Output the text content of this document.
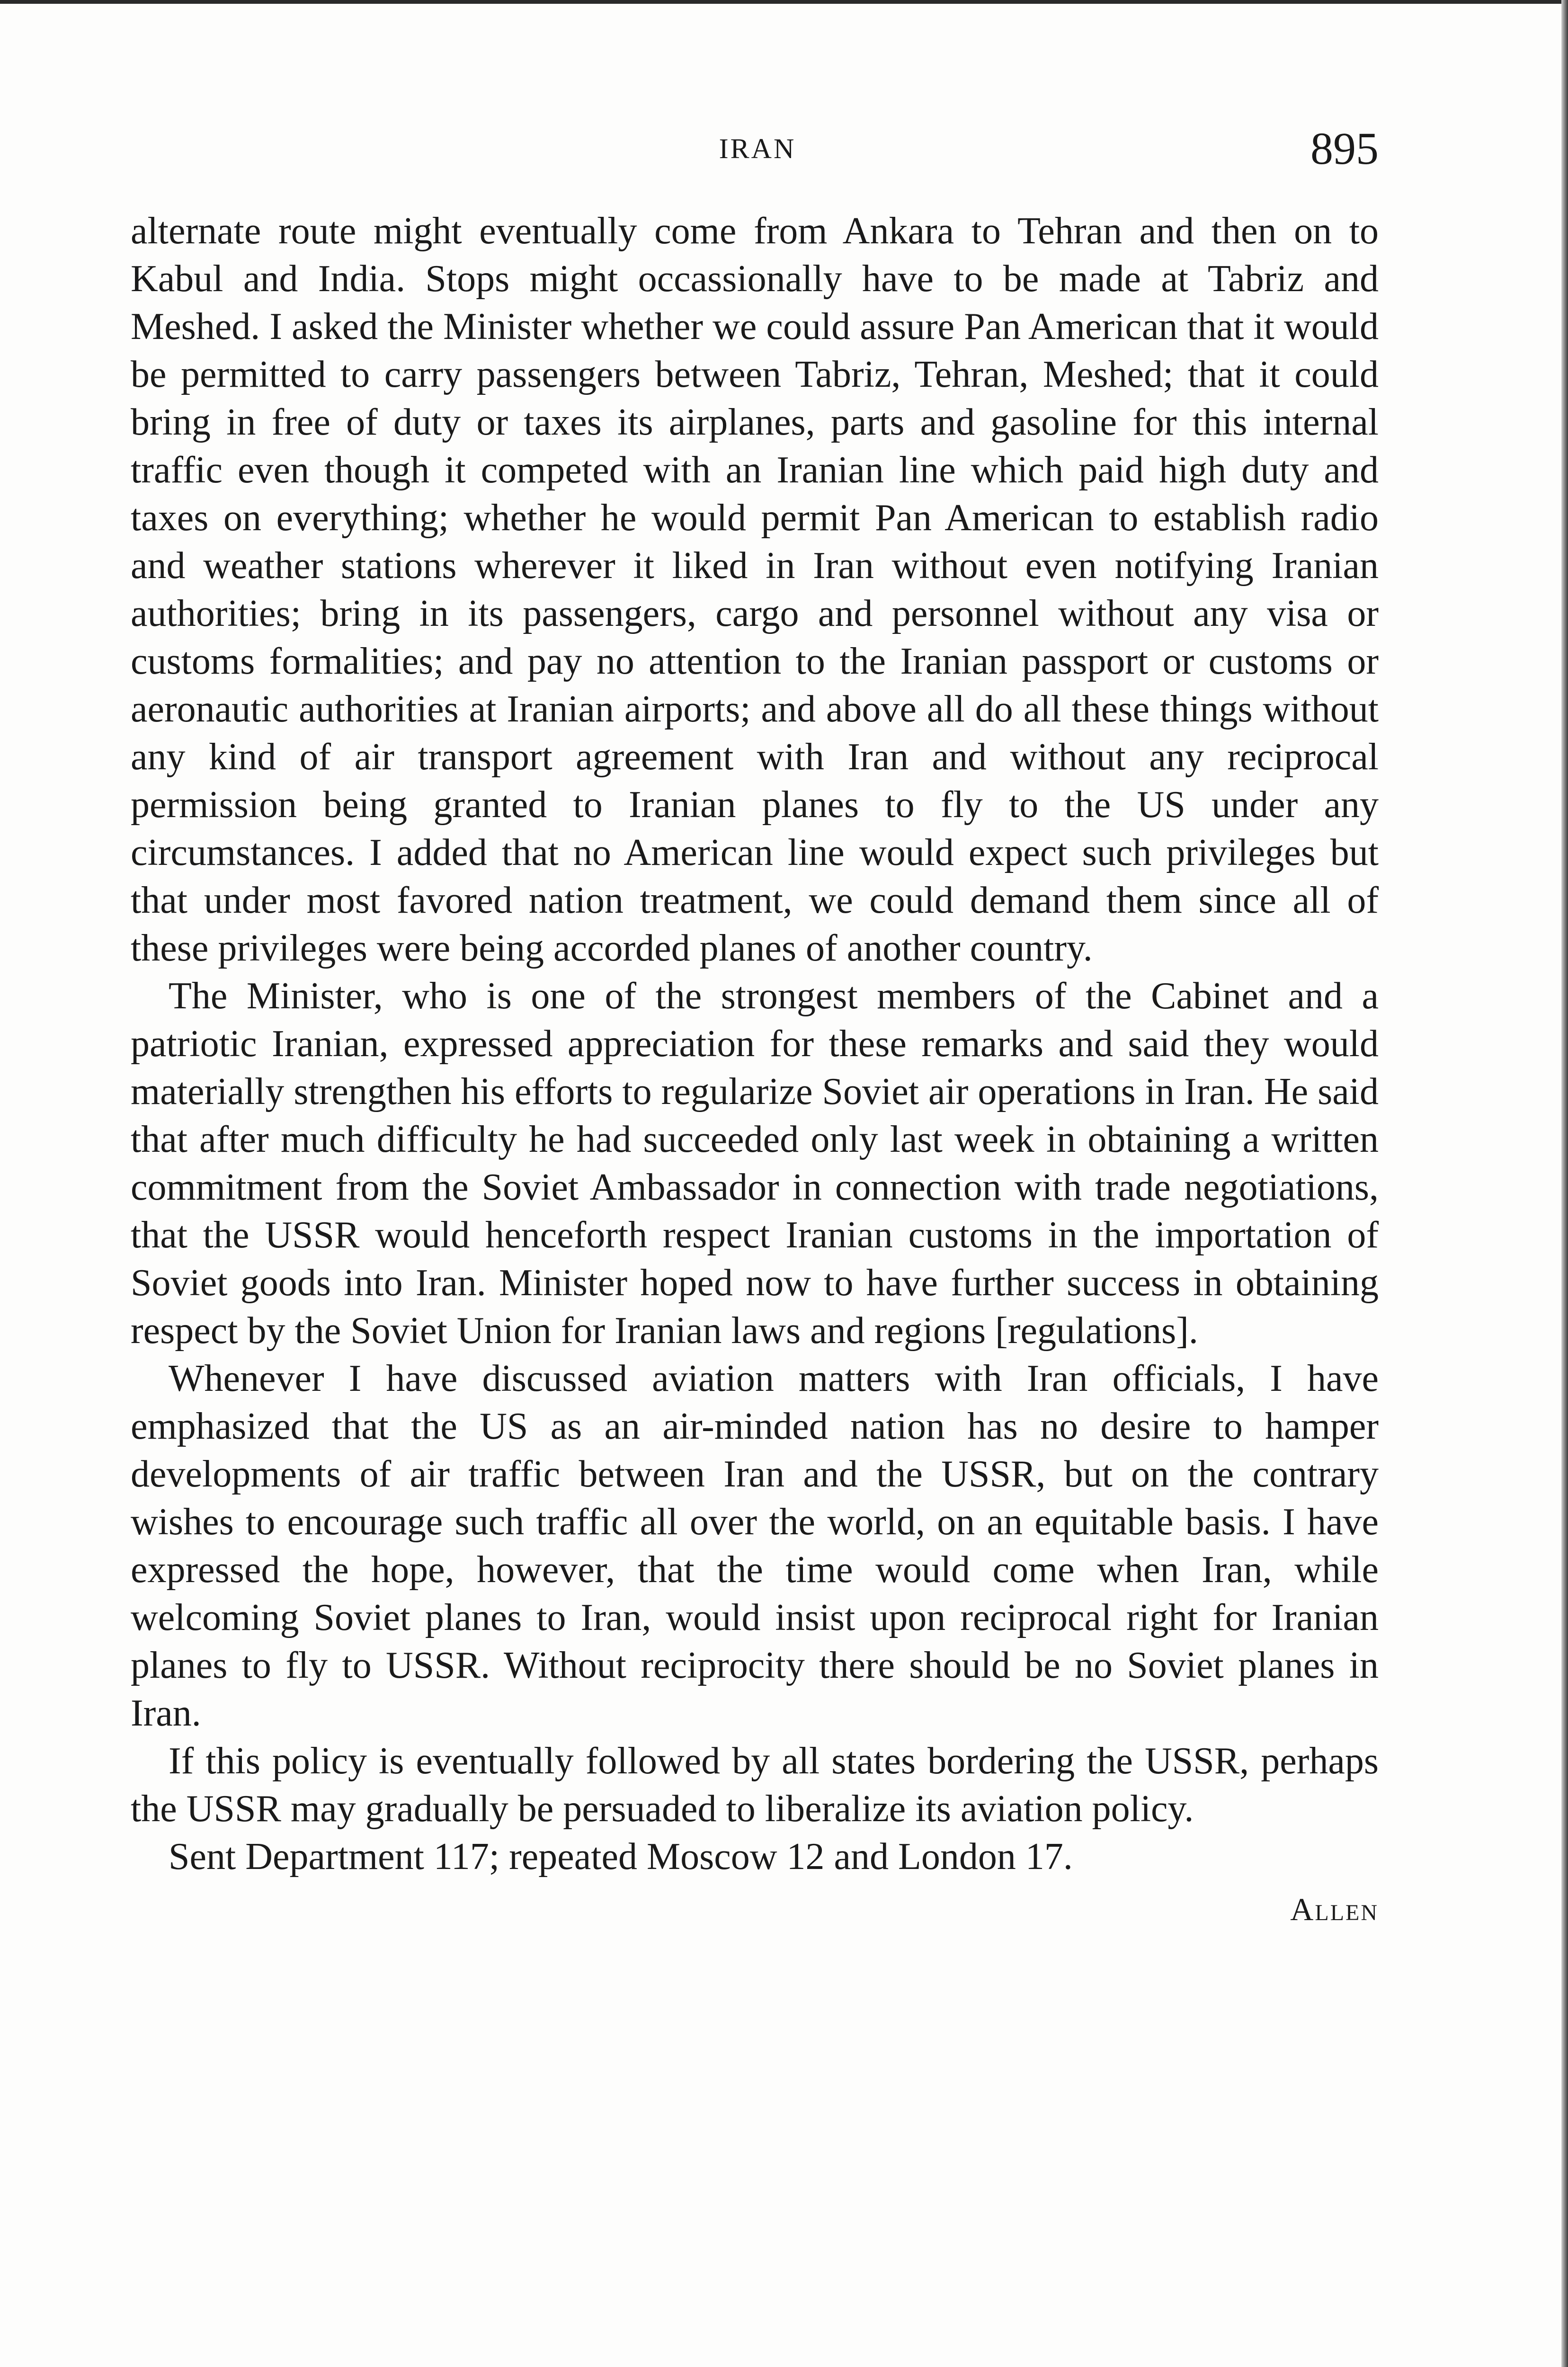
IRAN	895

alternate route might eventually come from Ankara to Tehran and then on to Kabul and India. Stops might occassionally have to be made at Tabriz and Meshed. I asked the Minister whether we could assure Pan American that it would be permitted to carry passengers between Tabriz, Tehran, Meshed; that it could bring in free of duty or taxes its airplanes, parts and gasoline for this internal traffic even though it competed with an Iranian line which paid high duty and taxes on everything; whether he would permit Pan American to establish radio and weather stations wherever it liked in Iran without even notifying Iranian authorities; bring in its passengers, cargo and personnel without any visa or customs formalities; and pay no attention to the Iranian passport or customs or aeronautic authorities at Iranian airports; and above all do all these things without any kind of air transport agreement with Iran and without any reciprocal permission being granted to Iranian planes to fly to the US under any circumstances. I added that no American line would expect such privileges but that under most favored nation treatment, we could demand them since all of these privileges were being accorded planes of another country.

The Minister, who is one of the strongest members of the Cabinet and a patriotic Iranian, expressed appreciation for these remarks and said they would materially strengthen his efforts to regularize Soviet air operations in Iran. He said that after much difficulty he had succeeded only last week in obtaining a written commitment from the Soviet Ambassador in connection with trade negotiations, that the USSR would henceforth respect Iranian customs in the importation of Soviet goods into Iran. Minister hoped now to have further success in obtaining respect by the Soviet Union for Iranian laws and regions [regulations].

Whenever I have discussed aviation matters with Iran officials, I have emphasized that the US as an air-minded nation has no desire to hamper developments of air traffic between Iran and the USSR, but on the contrary wishes to encourage such traffic all over the world, on an equitable basis. I have expressed the hope, however, that the time would come when Iran, while welcoming Soviet planes to Iran, would insist upon reciprocal right for Iranian planes to fly to USSR. Without reciprocity there should be no Soviet planes in Iran.

If this policy is eventually followed by all states bordering the USSR, perhaps the USSR may gradually be persuaded to liberalize its aviation policy.

Sent Department 117; repeated Moscow 12 and London 17.

Allen
